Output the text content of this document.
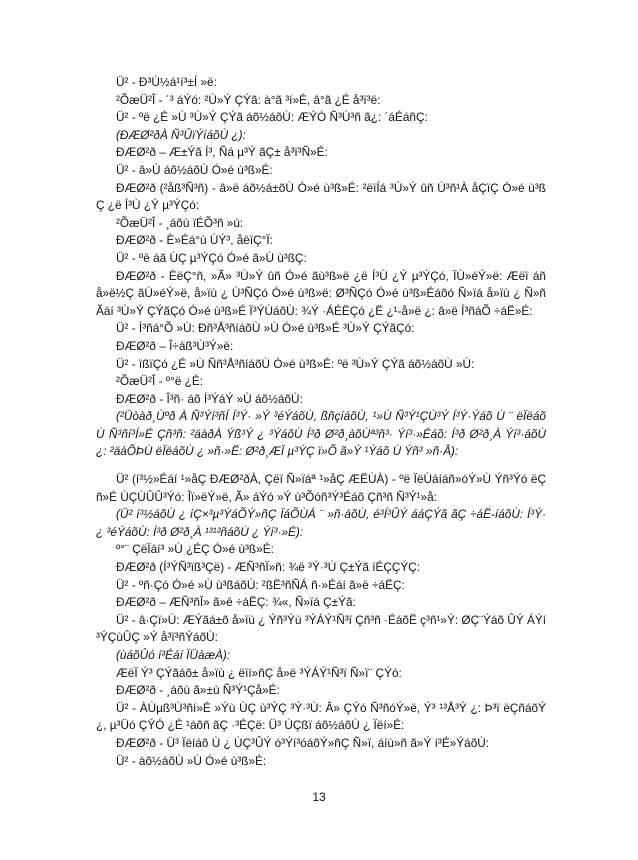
Ü² - Ð³Ù½á¹í³±Í »ë:

²ÕæÜ²Î - ´³ áÝó: ²Ù»Ý ÇÝã: à°ã ³í»É, â°ã ¿É å³ï³ë:

Ü² - ºë ¿É »Ù ³Ù»Ý ÇÝã áõ½áõÙ: ÆÝÓ Ñ³Ù³ñ ã¿: ´áÉáñÇ:

(ÐÆØ²ðÀ Ñ³ÛïÝíáõÙ ¿):

ÐÆØ²ð – Æ±Ýã Í³, Ñá µ³Ý ãÇ± å³ï³Ñ»É:

Ü² - â»Ù áõ½áõÙ Ó»é ù³ß»É:

ÐÆØ²ð (²åß³Ñ³ñ) - â»ë áõ½á±õÙ Ó»é ù³ß»É: ²ëïÍá ³Ù»Ý ûñ Ù³ñ¹À åÇïÇ Ó»é ù³ßÇ ¿ë Í³Ù ¿Ý µ³ÝÇó:

²ÕæÜ²Î - ¸áõù ïÉÕ³ñ »ù:

ÐÆØ²ð - È»Éá°ù ÙÝ³, åëïÇ°Ï:

Ü² - ºë áã ÙÇ µ³ÝÇó Ó»é ã»Ù ù³ßÇ:

ÐÆØ²ð - ÈëÇ°ñ, »Ã» ³Ù»Ý ûñ Ó»é ãù³ß»ë ¿ë Í³Ù ¿Ý µ³ÝÇó, ÏÙ»éÝ»ë: Æëï áñå»ë½Ç ãÙ»éÝ»ë, å»ïù ¿ Ù³ÑÇó Ó»é ù³ß»ë: Ø³ÑÇó Ó»é ù³ß»Éáõó Ñ»ïá å»ïù ¿ Ñ»ñÃáí ³Ù»Ý ÇÝãÇó Ó»é ù³ß»É Ï³ÝÙáõÙ: ¾Ý ·ÁÉËÇó ¿Ë ¿¹-å»ë ¿: â»ë Í³ñáÕ ÷áË»É:

Ü² - Í³ñá°Õ »Ù: Ðñ³Å³ñíáõÙ »Ù Ó»é ù³ß»É ³Ù»Ý ÇÝãÇó:

ÐÆØ²ð – Î÷áß³Ù³Ý»ë:

Ü² - ïßïÇó ¿É »Ù Ññ³Å³ñíáõÙ Ó»é ù³ß»É: ºë ³Ù»Ý ÇÝã áõ½áõÙ »Ù:

²ÕæÜ²Î - º°ë ¿É:

ÐÆØ²ð - Î³ñ· áõ Í³ÝáÝ »Ù áõ½áõÙ:

(²Üòàð¸Ùºð À Ñ³Ýí³ñÍ Í³Ý· »Ý ³éÝáõÙ, ßñçíáõÙ, ¹»Ù Ñ³Ý¹ÇÙ³Ý Í³Ý·Ýáõ Ù ¨ ëÏëáõÙ Ñ³ñí³Í»É Çñ³ñ: ²äàðÀ Ýß³Ý ¿ ³ÝáõÙ Í³ð Ø²ð¸àõÙª³ñ³· Ýí³·»Éáõ: Í³ð Ø²ð¸À Ýí³·áõÙ ¿: ²äàÕÞÙ ëÏëáõÙ ¿ »ñ·»Ë: Ø²ð¸ÆÏ µ³ÝÇ ï»Õ ã»Ý ¹Ýáõ Ù Ýñ³ »ñ·Â):

Ü² (í³½»Éáí ¹»åÇ ÐÆØ²ðÀ, Çëï Ñ»ïáª ¹»åÇ ÆËÙÀ) - ºë ÏëÙáíáñ»óÝ»Ù Ýñ³Ýó ëÇñ»É ÙÇÙÛÛ³Ýó: Îï»ëÝ»ë, Ã» áÝó »Ý ù³Õóñ³Ý³Éáõ Çñ³ñ Ñ³Ý¹»å:

(Ü² í³½áõÙ ¿ íÇ×³µ³ÝáÕÝ»ñÇ ÏáÕÙÁ ¨ »ñ·áõÙ, é³Í³ÛÝ ááÇÝã ãÇ ÷áË-íáõÙ: Í³Ý· ¿ ³éÝáõÙ: Í³ð Ø²ð¸À ¹³¹³ñáõÙ ¿ Ýí³·»É):

º°¨ ÇëÏáí³ »Ù ¿ÉÇ Ó»é ù³ß»É:

ÐÆØ²ð (Í³ÝÑ³ïß³Çë) - ÆÑ³ñÏ»ñ: ¾ë ³Ý·³Ù Ç±Ýã íÉÇÇÝÇ:

Ü² - ºñ·Çó Ó»é »Ù ù³ßáõÙ: ²ßË³ñÑÁ ñ·»Éáí ã»ë ÷áËÇ:

ÐÆØ²ð – ÆÑ³ñÏ» ã»ë ÷áËÇ: ¾«, Ñ»ïá Ç±Ýã:

Ü² - â·Çï»Ù: ÆÝãá±õ å»ïù ¿ Ýñ³Ýù ³ÝÁÝ¹Ñ³ï Çñ³ñ ·ÉáõË ç³ñ¹»Ý: ØÇ¨Ýáõ ÛÝ ÁÝí³ÝÇùÛÇ »Ý å³ï³ñÝáõÙ:

(ùáõÛó í³Éáí ÏÜàæÀ):

ÆëÏ Ý³ ÇÝãáõ± å»ïù ¿ ëïí»ñÇ å»ë ³ÝÁÝ¹Ñ³ï Ñ»ï¨ ÇÝó:

ÐÆØ²ð - ¸áõù ã»±ù Ñ³Ý¹Çå»É:

Ü² - ÀÙµß³Ù³ñí»É »Ýù ÙÇ ù³ÝÇ ³Ý·³Ù: Â» ÇÝó Ñ³ñóÝ»ë, Ý³ ¹³Å³Ý ¿: Þ³ï ëÇñáõÝ ¿, µ³Üó ÇÝÓ ¿É ¹áõñ ãÇ ·³ÉÇë: Ü³ ÙÇßï áõ½áõÙ ¿ Ïëí»É:

ÐÆØ²ð - Ü³ Ïëíáõ Ù ¿ ÙÇ³ÛÝ ó³Ýí³óáõÝ»ñÇ Ñ»ï, áíù»ñ ã»Ý í³É»ÝáõÙ:

Ü² - àõ½áõÙ »Ù Ó»é ù³ß»É:

13
